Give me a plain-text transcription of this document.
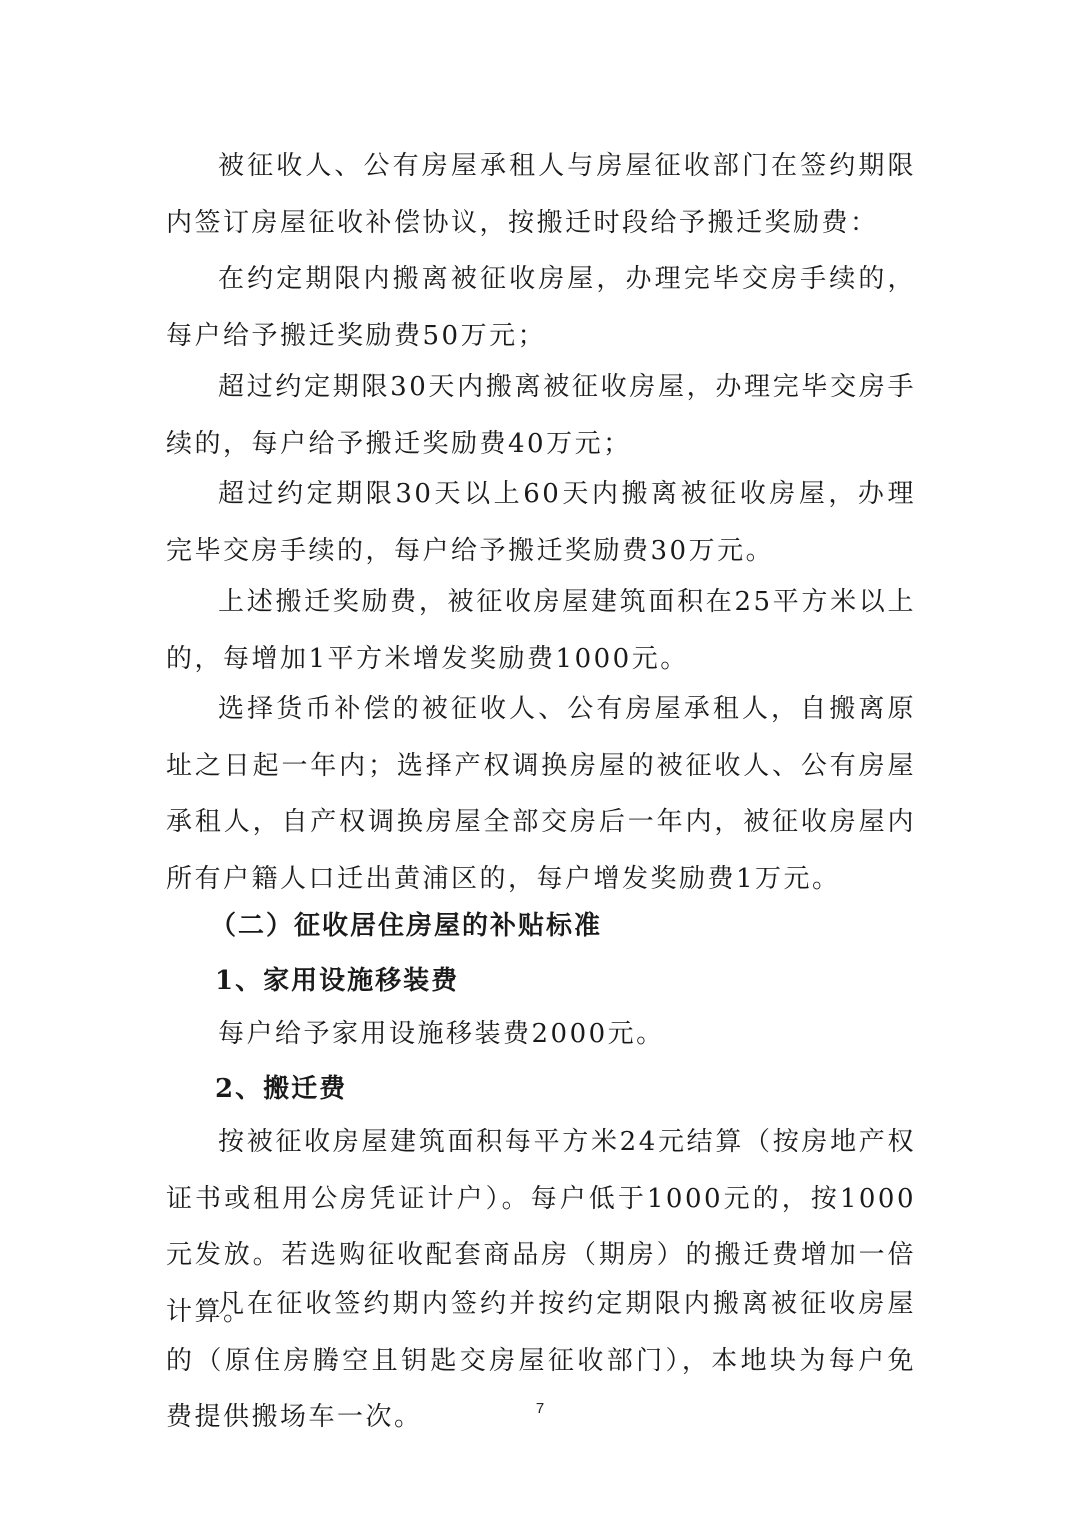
被征收人、公有房屋承租人与房屋征收部门在签约期限内签订房屋征收补偿协议，按搬迁时段给予搬迁奖励费：

在约定期限内搬离被征收房屋，办理完毕交房手续的，每户给予搬迁奖励费50万元；

超过约定期限30天内搬离被征收房屋，办理完毕交房手续的，每户给予搬迁奖励费40万元；

超过约定期限30天以上60天内搬离被征收房屋，办理完毕交房手续的，每户给予搬迁奖励费30万元。

上述搬迁奖励费，被征收房屋建筑面积在25平方米以上的，每增加1平方米增发奖励费1000元。

选择货币补偿的被征收人、公有房屋承租人，自搬离原址之日起一年内；选择产权调换房屋的被征收人、公有房屋承租人，自产权调换房屋全部交房后一年内，被征收房屋内所有户籍人口迁出黄浦区的，每户增发奖励费1万元。

（二）征收居住房屋的补贴标准
1、家用设施移装费

每户给予家用设施移装费2000元。

2、搬迁费

按被征收房屋建筑面积每平方米24元结算（按房地产权证书或租用公房凭证计户）。每户低于1000元的，按1000元发放。若选购征收配套商品房（期房）的搬迁费增加一倍计算。

凡在征收签约期内签约并按约定期限内搬离被征收房屋的（原住房腾空且钥匙交房屋征收部门），本地块为每户免费提供搬场车一次。	7
